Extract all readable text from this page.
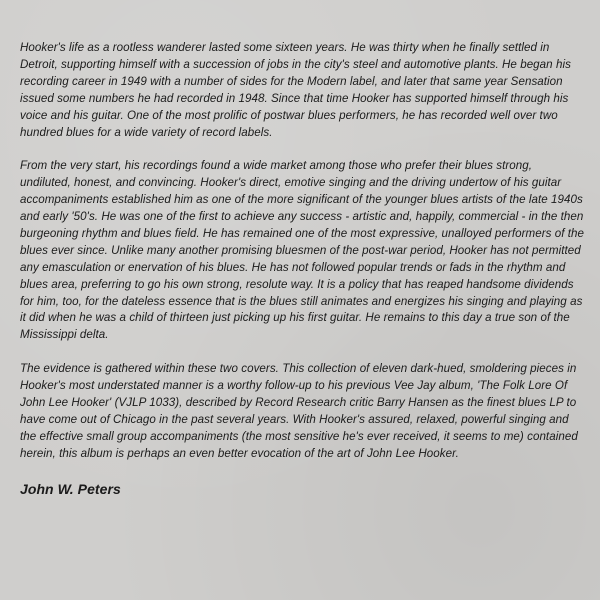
Hooker's life as a rootless wanderer lasted some sixteen years. He was thirty when he finally settled in Detroit, supporting himself with a succession of jobs in the city's steel and automotive plants. He began his recording career in 1949 with a number of sides for the Modern label, and later that same year Sensation issued some numbers he had recorded in 1948. Since that time Hooker has supported himself through his voice and his guitar. One of the most prolific of postwar blues performers, he has recorded well over two hundred blues for a wide variety of record labels.

From the very start, his recordings found a wide market among those who prefer their blues strong, undiluted, honest, and convincing. Hooker's direct, emotive singing and the driving undertow of his guitar accompaniments established him as one of the more significant of the younger blues artists of the late 1940s and early '50's. He was one of the first to achieve any success - artistic and, happily, commercial - in the then burgeoning rhythm and blues field. He has remained one of the most expressive, unalloyed performers of the blues ever since. Unlike many another promising bluesmen of the post-war period, Hooker has not permitted any emasculation or enervation of his blues. He has not followed popular trends or fads in the rhythm and blues area, preferring to go his own strong, resolute way. It is a policy that has reaped handsome dividends for him, too, for the dateless essence that is the blues still animates and energizes his singing and playing as it did when he was a child of thirteen just picking up his first guitar. He remains to this day a true son of the Mississippi delta.

The evidence is gathered within these two covers. This collection of eleven dark-hued, smoldering pieces in Hooker's most understated manner is a worthy follow-up to his previous Vee Jay album, 'The Folk Lore Of John Lee Hooker' (VJLP 1033), described by Record Research critic Barry Hansen as the finest blues LP to have come out of Chicago in the past several years. With Hooker's assured, relaxed, powerful singing and the effective small group accompaniments (the most sensitive he's ever received, it seems to me) contained herein, this album is perhaps an even better evocation of the art of John Lee Hooker.

John W. Peters
